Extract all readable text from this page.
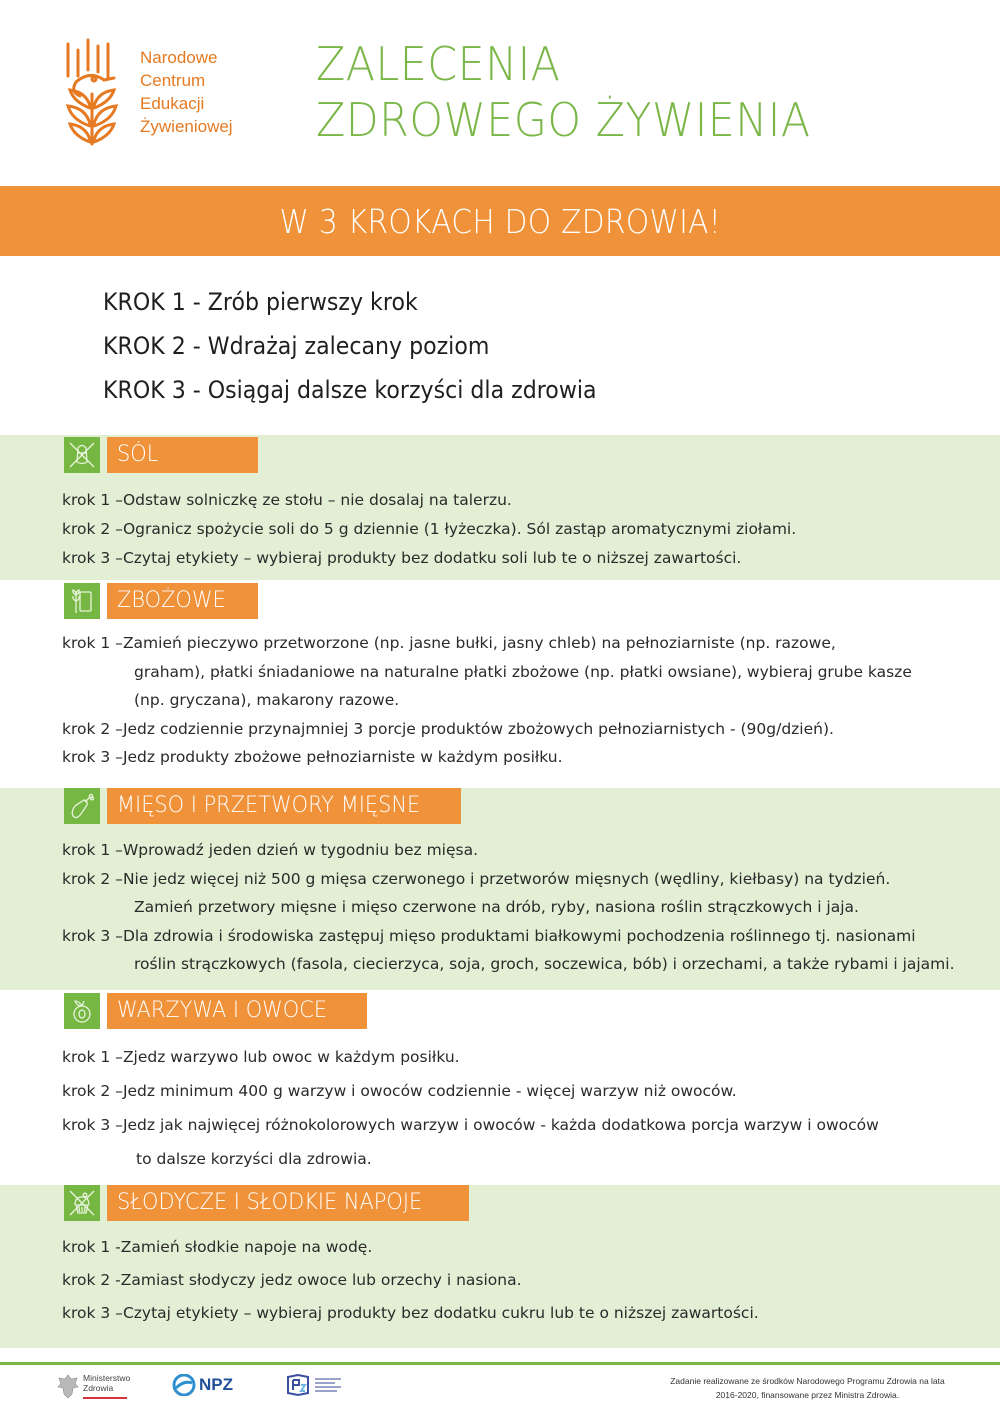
Narodowe
Centrum
Edukacji
Żywieniowej
ZALECENIA
ZDROWEGO ŻYWIENIA
W 3 KROKACH DO ZDROWIA!
KROK 1 - Zrób pierwszy krok
KROK 2 - Wdrażaj zalecany poziom
KROK 3 - Osiągaj dalsze korzyści dla zdrowia
SÓL
krok 1 – Odstaw solniczkę ze stołu – nie dosalaj na talerzu.
krok 2 – Ogranicz spożycie soli do 5 g dziennie (1 łyżeczka). Sól zastąp aromatycznymi ziołami.
krok 3 – Czytaj etykiety – wybieraj produkty bez dodatku soli lub te o niższej zawartości.
ZBOŻOWE
krok 1 – Zamień pieczywo przetworzone (np. jasne bułki, jasny chleb) na pełnoziarniste (np. razowe,
graham), płatki śniadaniowe na naturalne płatki zbożowe (np. płatki owsiane), wybieraj grube kasze
(np. gryczana), makarony razowe.
krok 2 – Jedz codziennie przynajmniej 3 porcje produktów zbożowych pełnoziarnistych - (90g/dzień).
krok 3 – Jedz produkty zbożowe pełnoziarniste w każdym posiłku.
MIĘSO I PRZETWORY MIĘSNE
krok 1 – Wprowadź jeden dzień w tygodniu bez mięsa.
krok 2 – Nie jedz więcej niż 500 g mięsa czerwonego i przetworów mięsnych (wędliny, kiełbasy) na tydzień.
Zamień przetwory mięsne i mięso czerwone na drób, ryby, nasiona roślin strączkowych i jaja.
krok 3 – Dla zdrowia i środowiska zastępuj mięso produktami białkowymi pochodzenia roślinnego tj. nasionami
roślin strączkowych (fasola, ciecierzyca, soja, groch, soczewica, bób) i orzechami, a także rybami i jajami.
WARZYWA I OWOCE
krok 1 – Zjedz warzywo lub owoc w każdym posiłku.
krok 2 – Jedz minimum 400 g warzyw i owoców codziennie - więcej warzyw niż owoców.
krok 3 – Jedz jak najwięcej różnokolorowych warzyw i owoców - każda dodatkowa porcja warzyw i owoców
to dalsze korzyści dla zdrowia.
SŁODYCZE I SŁODKIE NAPOJE
krok 1 - Zamień słodkie napoje na wodę.
krok 2 - Zamiast słodyczy jedz owoce lub orzechy i nasiona.
krok 3 – Czytaj etykiety – wybieraj produkty bez dodatku cukru lub te o niższej zawartości.
Ministerstwo
Zdrowia	NPZ	Zadanie realizowane ze środków Narodowego Programu Zdrowia na lata
2016-2020, finansowane przez Ministra Zdrowia.
